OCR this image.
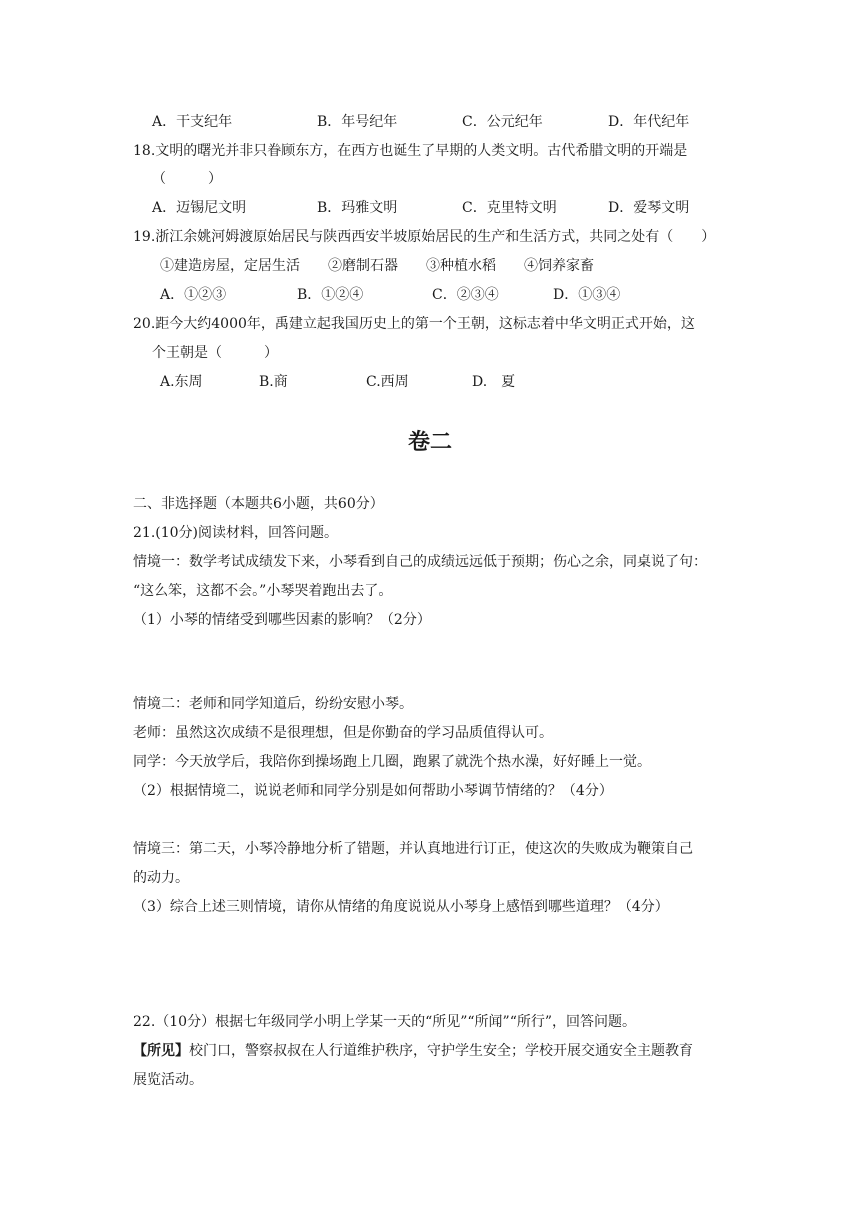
A．干支纪年	B．年号纪年	C．公元纪年	D．年代纪年
18.文明的曙光并非只眷顾东方，在西方也诞生了早期的人类文明。古代希腊文明的开端是
（　　　）
A．迈锡尼文明	B．玛雅文明	C．克里特文明	D．爱琴文明
19.浙江余姚河姆渡原始居民与陕西西安半坡原始居民的生产和生活方式，共同之处有（　　）
①建造房屋，定居生活　　②磨制石器　　③种植水稻　　④饲养家畜
A．①②③	B．①②④	C．②③④	D．①③④
20.距今大约4000年，禹建立起我国历史上的第一个王朝，这标志着中华文明正式开始，这
个王朝是（　　　）
A.东周	B.商	C.西周	D.　夏
卷二
二、非选择题（本题共6小题，共60分）
21.(10分)阅读材料，回答问题。
情境一：数学考试成绩发下来，小琴看到自己的成绩远远低于预期；伤心之余，同桌说了句：
“这么笨，这都不会。”小琴哭着跑出去了。
（1）小琴的情绪受到哪些因素的影响？（2分）
情境二：老师和同学知道后，纷纷安慰小琴。
老师：虽然这次成绩不是很理想，但是你勤奋的学习品质值得认可。
同学：今天放学后，我陪你到操场跑上几圈，跑累了就洗个热水澡，好好睡上一觉。
（2）根据情境二，说说老师和同学分别是如何帮助小琴调节情绪的？（4分）
情境三：第二天，小琴冷静地分析了错题，并认真地进行订正，使这次的失败成为鞭策自己
的动力。
（3）综合上述三则情境，请你从情绪的角度说说从小琴身上感悟到哪些道理？（4分）
22.（10分）根据七年级同学小明上学某一天的“所见”“所闻”“所行”，回答问题。
【所见】校门口，警察叔叔在人行道维护秩序，守护学生安全；学校开展交通安全主题教育
展览活动。
